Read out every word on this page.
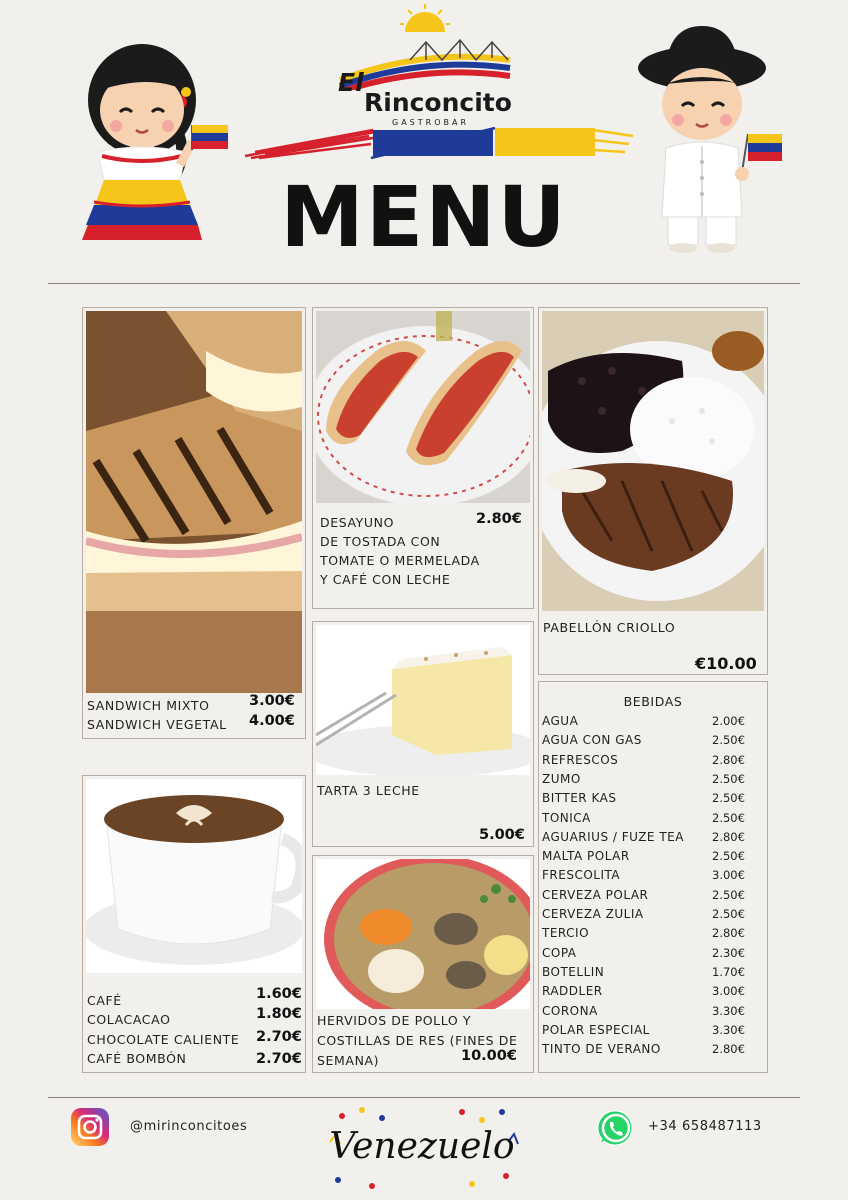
El
Rinconcito
GASTROBAR
MENU
SANDWICH MIXTO	3.00€
SANDWICH VEGETAL 4.00€
DESAYUNO
DE TOSTADA CON
TOMATE O MERMELADA
Y CAFÉ CON LECHE
2.80€
PABELLÓN CRIOLLO
€10.00
TARTA 3 LECHE
5.00€
CAFÉ	1.60€
COLACACAO	1.80€
CHOCOLATE CALIENTE 2.70€
CAFÉ BOMBÓN	2.70€
HERVIDOS DE POLLO Y
COSTILLAS DE RES (FINES DE
SEMANA)	10.00€
BEBIDAS
AGUA	2.00€
AGUA CON GAS	2.50€
REFRESCOS	2.80€
ZUMO	2.50€
BITTER KAS	2.50€
TONICA	2.50€
AGUARIUS / FUZE TEA 2.80€
MALTA POLAR	2.50€
FRESCOLITA	3.00€
CERVEZA POLAR	2.50€
CERVEZA ZULIA	2.50€
TERCIO	2.80€
COPA	2.30€
BOTELLIN	1.70€
RADDLER	3.00€
CORONA	3.30€
POLAR ESPECIAL	3.30€
TINTO DE VERANO	2.80€
@mirinconcitoes Venezuelo	+34 658487113
